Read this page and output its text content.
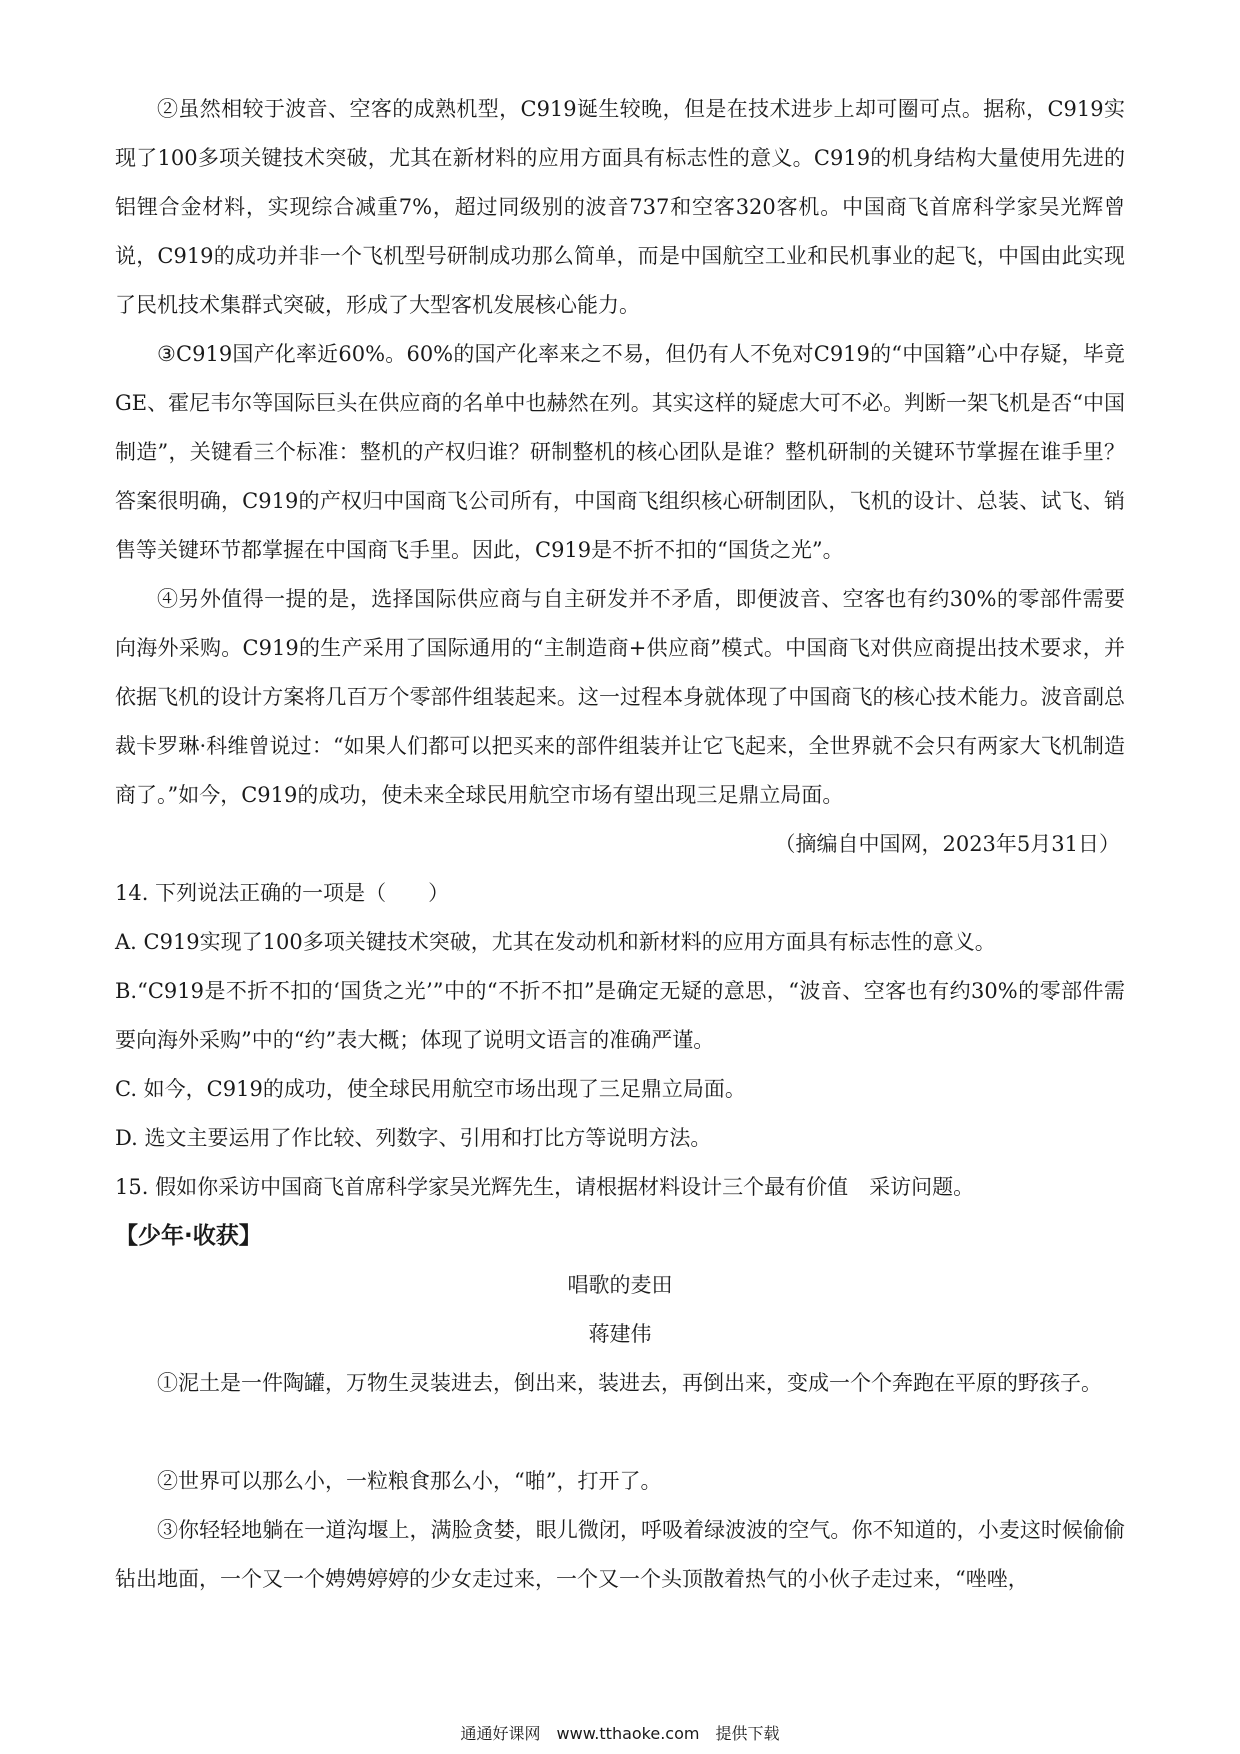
②虽然相较于波音、空客的成熟机型，C919诞生较晚，但是在技术进步上却可圈可点。据称，C919实现了100多项关键技术突破，尤其在新材料的应用方面具有标志性的意义。C919的机身结构大量使用先进的铝锂合金材料，实现综合减重7%，超过同级别的波音737和空客320客机。中国商飞首席科学家吴光辉曾说，C919的成功并非一个飞机型号研制成功那么简单，而是中国航空工业和民机事业的起飞，中国由此实现了民机技术集群式突破，形成了大型客机发展核心能力。

③C919国产化率近60%。60%的国产化率来之不易，但仍有人不免对C919的“中国籍”心中存疑，毕竟GE、霍尼韦尔等国际巨头在供应商的名单中也赫然在列。其实这样的疑虑大可不必。判断一架飞机是否“中国制造”，关键看三个标准：整机的产权归谁？研制整机的核心团队是谁？整机研制的关键环节掌握在谁手里？答案很明确，C919的产权归中国商飞公司所有，中国商飞组织核心研制团队，飞机的设计、总装、试飞、销售等关键环节都掌握在中国商飞手里。因此，C919是不折不扣的“国货之光”。

④另外值得一提的是，选择国际供应商与自主研发并不矛盾，即便波音、空客也有约30%的零部件需要向海外采购。C919的生产采用了国际通用的“主制造商+供应商”模式。中国商飞对供应商提出技术要求，并依据飞机的设计方案将几百万个零部件组装起来。这一过程本身就体现了中国商飞的核心技术能力。波音副总裁卡罗琳·科维曾说过：“如果人们都可以把买来的部件组装并让它飞起来，全世界就不会只有两家大飞机制造商了。”如今，C919的成功，使未来全球民用航空市场有望出现三足鼎立局面。

（摘编自中国网，2023年5月31日）

14. 下列说法正确的一项是（　　）

A. C919实现了100多项关键技术突破，尤其在发动机和新材料的应用方面具有标志性的意义。

B.“C919是不折不扣的‘国货之光’”中的“不折不扣”是确定无疑的意思，“波音、空客也有约30%的零部件需要向海外采购”中的“约”表大概；体现了说明文语言的准确严谨。

C. 如今，C919的成功，使全球民用航空市场出现了三足鼎立局面。

D. 选文主要运用了作比较、列数字、引用和打比方等说明方法。

15. 假如你采访中国商飞首席科学家吴光辉先生，请根据材料设计三个最有价值　采访问题。

【少年·收获】

唱歌的麦田

蒋建伟

①泥土是一件陶罐，万物生灵装进去，倒出来，装进去，再倒出来，变成一个个奔跑在平原的野孩子。

②世界可以那么小，一粒粮食那么小，“啪”，打开了。

③你轻轻地躺在一道沟堰上，满脸贪婪，眼儿微闭，呼吸着绿波波的空气。你不知道的，小麦这时候偷偷钻出地面，一个又一个娉娉婷婷的少女走过来，一个又一个头顶散着热气的小伙子走过来，“唑唑，

通通好课网　www.tthaoke.com　提供下载
